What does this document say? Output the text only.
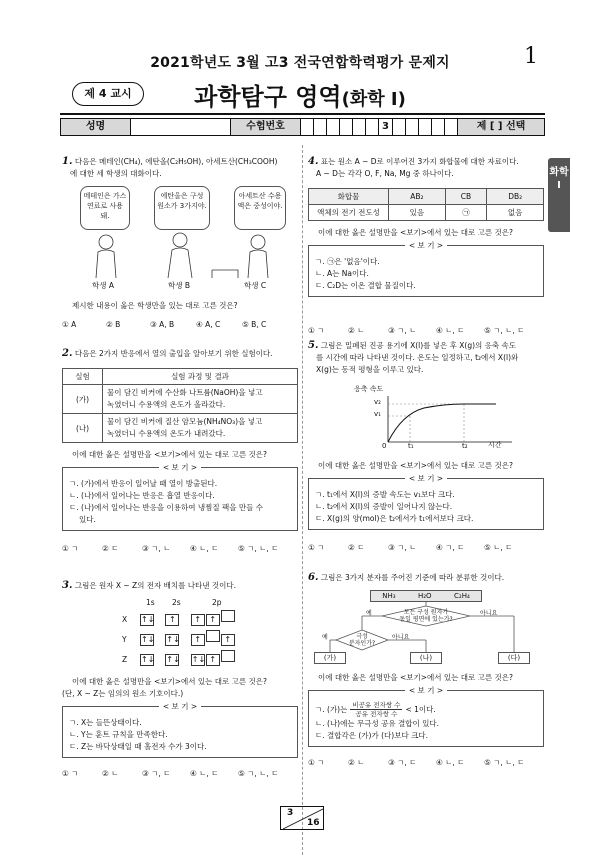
2021학년도 3월 고3 전국연합학력평가 문제지	1
제 4 교시	과학탐구 영역(화학 Ⅰ)
성명	수험번호	3	제 [ ] 선택
화학Ⅰ
1. 다음은 메테인(CH₄), 에탄올(C₂H₅OH), 아세트산(CH₃COOH)
에 대한 세 학생의 대화이다.
메테인은 가스 연료로 사용돼.
에탄올은 구성 원소가 3가지야.
아세트산 수용액은 중성이야.
학생 A	학생 B	학생 C
제시한 내용이 옳은 학생만을 있는 대로 고른 것은?
① A	② B	③ A, B	④ A, C	⑤ B, C
2. 다음은 2가지 반응에서 열의 출입을 알아보기 위한 실험이다.
실험	실험 과정 및 결과
(가)	물이 담긴 비커에 수산화 나트륨(NaOH)을 넣고
녹였더니 수용액의 온도가 올라갔다.

(나)	물이 담긴 비커에 질산 암모늄(NH₄NO₃)을 넣고
녹였더니 수용액의 온도가 내려갔다.
이에 대한 옳은 설명만을 <보기>에서 있는 대로 고른 것은?
< 보 기 >
ㄱ. (가)에서 반응이 일어날 때 열이 방출된다.
ㄴ. (나)에서 일어나는 반응은 흡열 반응이다.
ㄷ. (나)에서 일어나는 반응을 이용하여 냉찜질 팩을 만들 수
있다.
① ㄱ	② ㄷ	③ ㄱ, ㄴ	④ ㄴ, ㄷ	⑤ ㄱ, ㄴ, ㄷ
3. 그림은 원자 X ~ Z의 전자 배치를 나타낸 것이다.
1s 2s	2p
X ↑↓ ↑ ↑ ↑
Y ↑↓ ↑↓ ↑	↑
Z ↑↓ ↑↓ ↑↓ ↑
이에 대한 옳은 설명만을 <보기>에서 있는 대로 고른 것은?
(단, X ~ Z는 임의의 원소 기호이다.)
< 보 기 >
ㄱ. X는 들뜬상태이다.
ㄴ. Y는 훈트 규칙을 만족한다.
ㄷ. Z는 바닥상태일 때 홀전자 수가 3이다.
① ㄱ	② ㄴ	③ ㄱ, ㄷ	④ ㄴ, ㄷ	⑤ ㄱ, ㄴ, ㄷ
4. 표는 원소 A ~ D로 이루어진 3가지 화합물에 대한 자료이다.
A ~ D는 각각 O, F, Na, Mg 중 하나이다.
화합물	AB₂	CB	DB₂
액체의 전기 전도성	있음	㉠	없음
이에 대한 옳은 설명만을 <보기>에서 있는 대로 고른 것은?
< 보 기 >
ㄱ. ㉠은 '없음'이다.
ㄴ. A는 Na이다.
ㄷ. C₂D는 이온 결합 물질이다.
① ㄱ	② ㄴ	③ ㄱ, ㄴ	④ ㄴ, ㄷ	⑤ ㄱ, ㄴ, ㄷ
5. 그림은 밀폐된 진공 용기에 X(l)를 넣은 후 X(g)의 응축 속도
를 시간에 따라 나타낸 것이다. 온도는 일정하고, t₂에서 X(l)와
X(g)는 동적 평형을 이루고 있다.
응축 속도
v₂
v₁
0	t₁	t₂	시간
이에 대한 옳은 설명만을 <보기>에서 있는 대로 고른 것은?
< 보 기 >
ㄱ. t₁에서 X(l)의 증발 속도는 v₁보다 크다.
ㄴ. t₂에서 X(l)의 증발이 일어나지 않는다.
ㄷ. X(g)의 양(mol)은 t₂에서가 t₁에서보다 크다.
① ㄱ	② ㄷ	③ ㄱ, ㄴ	④ ㄱ, ㄷ	⑤ ㄴ, ㄷ
6. 그림은 3가지 분자를 주어진 기준에 따라 분류한 것이다.
NH₃	H₂O	C₂H₄
모든 구성 원자가
동일 평면에 있는가?
예	아니요
극성
분자인가?
예	아니요
(가)	(나)	(다)
이에 대한 옳은 설명만을 <보기>에서 있는 대로 고른 것은?
< 보 기 >
ㄱ. (가)는 비공유 전자쌍 수
공유 전자쌍 수
< 1이다.
ㄴ. (나)에는 무극성 공유 결합이 있다.
ㄷ. 결합각은 (가)가 (다)보다 크다.
① ㄱ	② ㄴ	③ ㄱ, ㄷ	④ ㄴ, ㄷ	⑤ ㄱ, ㄴ, ㄷ
3
16
